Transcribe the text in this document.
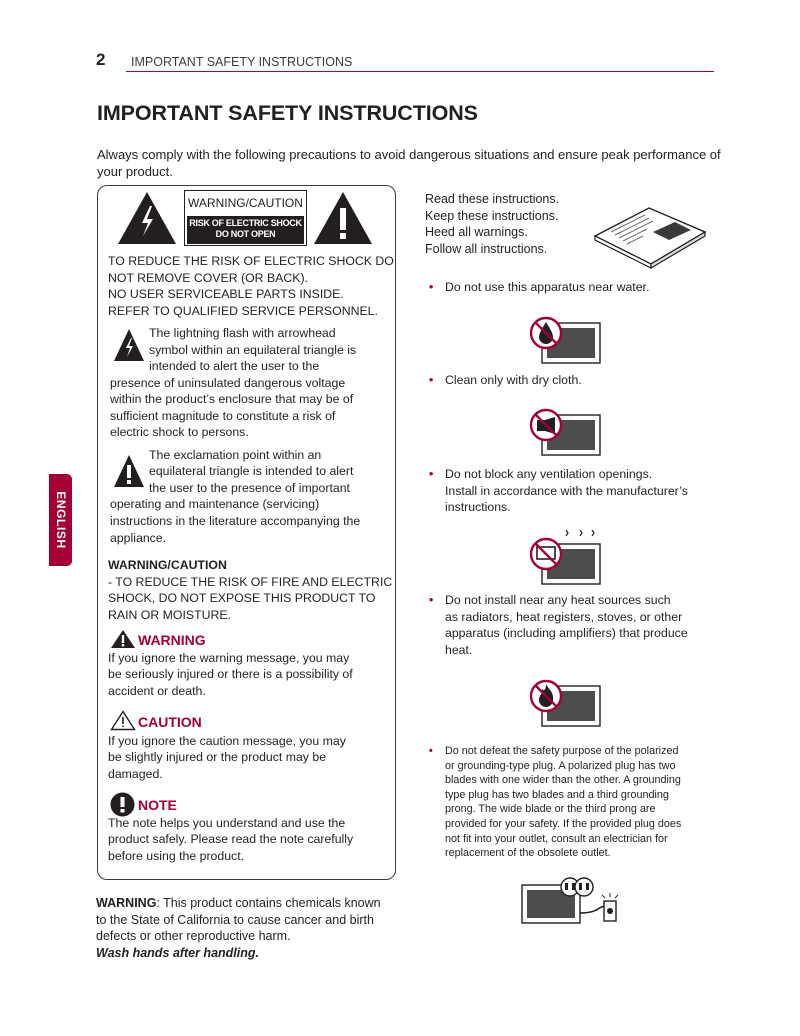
2 IMPORTANT SAFETY INSTRUCTIONS
IMPORTANT SAFETY INSTRUCTIONS
Always comply with the following precautions to avoid dangerous situations and ensure peak performance of your product.
ENGLISH
WARNING/CAUTION
RISK OF ELECTRIC SHOCK
DO NOT OPEN
TO REDUCE THE RISK OF ELECTRIC SHOCK DO
NOT REMOVE COVER (OR BACK).
NO USER SERVICEABLE PARTS INSIDE.
REFER TO QUALIFIED SERVICE PERSONNEL.
The lightning flash with arrowhead
symbol within an equilateral triangle is
intended to alert the user to the
presence of uninsulated dangerous voltage
within the product’s enclosure that may be of
sufficient magnitude to constitute a risk of
electric shock to persons.
The exclamation point within an
equilateral triangle is intended to alert
the user to the presence of important
operating and maintenance (servicing)
instructions in the literature accompanying the
appliance.
WARNING/CAUTION
- TO REDUCE THE RISK OF FIRE AND ELECTRIC
SHOCK, DO NOT EXPOSE THIS PRODUCT TO
RAIN OR MOISTURE.
WARNING
If you ignore the warning message, you may
be seriously injured or there is a possibility of
accident or death.
CAUTION
If you ignore the caution message, you may
be slightly injured or the product may be
damaged.
NOTE
The note helps you understand and use the
product safely. Please read the note carefully
before using the product.
WARNING: This product contains chemicals known
to the State of California to cause cancer and birth
defects or other reproductive harm.
Wash hands after handling.
Read these instructions.
Keep these instructions.
Heed all warnings.
Follow all instructions.
• Do not use this apparatus near water.
• Clean only with dry cloth.
• Do not block any ventilation openings.
Install in accordance with the manufacturer’s
instructions.
• Do not install near any heat sources such
as radiators, heat registers, stoves, or other
apparatus (including amplifiers) that produce
heat.
• Do not defeat the safety purpose of the polarized
or grounding-type plug. A polarized plug has two
blades with one wider than the other. A grounding
type plug has two blades and a third grounding
prong. The wide blade or the third prong are
provided for your safety. If the provided plug does
not fit into your outlet, consult an electrician for
replacement of the obsolete outlet.
